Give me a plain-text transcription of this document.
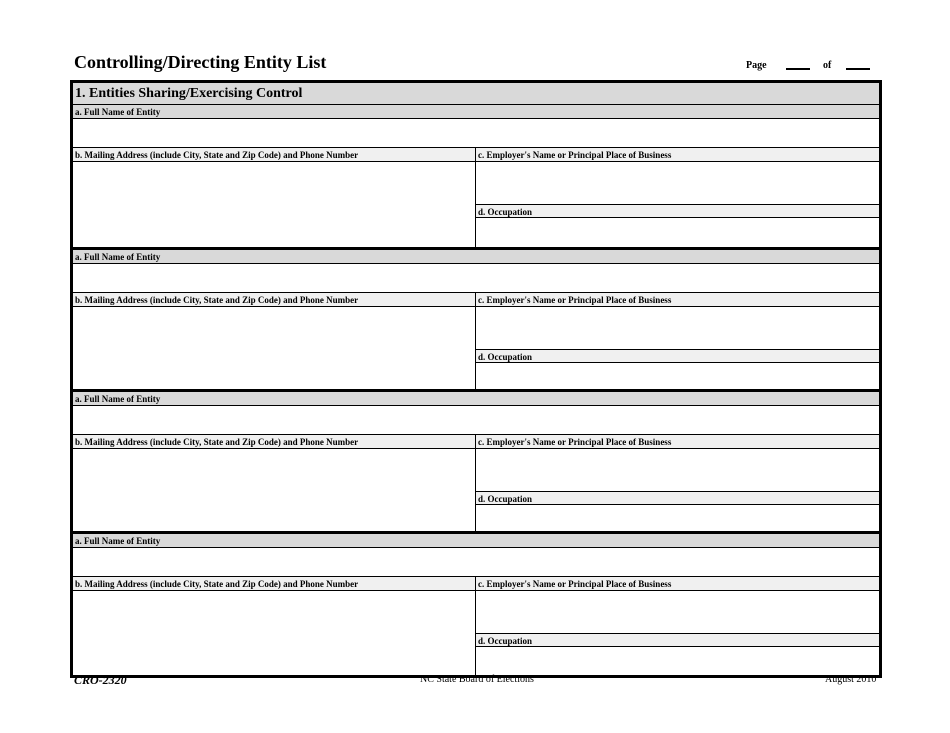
Controlling/Directing Entity List	Page	of
1. Entities Sharing/Exercising Control
a. Full Name of Entity
b. Mailing Address (include City, State and Zip Code) and Phone Number	c. Employer's Name or Principal Place of Business
d. Occupation
a. Full Name of Entity
b. Mailing Address (include City, State and Zip Code) and Phone Number	c. Employer's Name or Principal Place of Business
d. Occupation
a. Full Name of Entity
b. Mailing Address (include City, State and Zip Code) and Phone Number	c. Employer's Name or Principal Place of Business
d. Occupation
a. Full Name of Entity
b. Mailing Address (include City, State and Zip Code) and Phone Number	c. Employer's Name or Principal Place of Business
d. Occupation
CRO-2320	NC State Board of Elections	August 2010
